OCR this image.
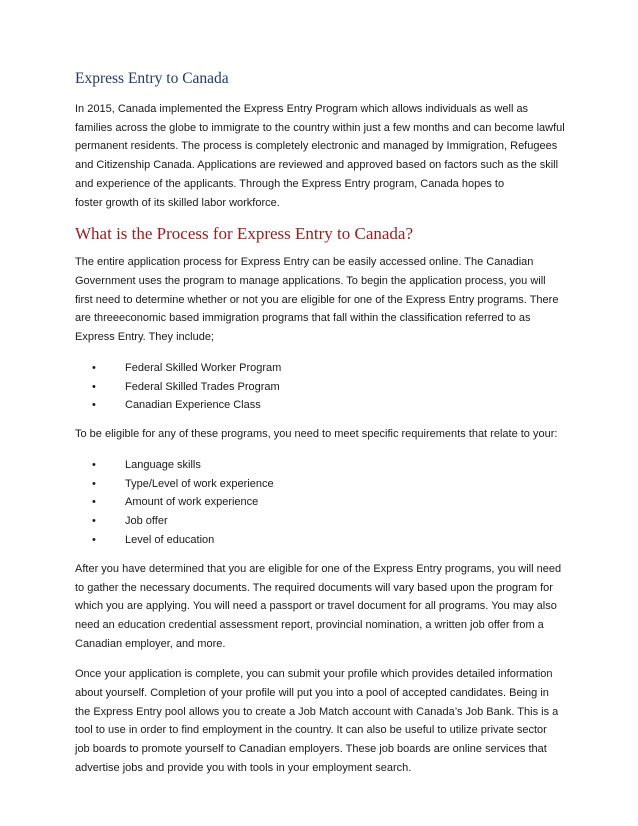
Express Entry to Canada

In 2015, Canada implemented the Express Entry Program which allows individuals as well as
families across the globe to immigrate to the country within just a few months and can become lawful
permanent residents. The process is completely electronic and managed by Immigration, Refugees
and Citizenship Canada. Applications are reviewed and approved based on factors such as the skill
and experience of the applicants. Through the Express Entry program, Canada hopes to
foster growth of its skilled labor workforce.

What is the Process for Express Entry to Canada?

The entire application process for Express Entry can be easily accessed online. The Canadian
Government uses the program to manage applications. To begin the application process, you will
first need to determine whether or not you are eligible for one of the Express Entry programs. There
are threeeconomic based immigration programs that fall within the classification referred to as
Express Entry. They include;

•	Federal Skilled Worker Program
•	Federal Skilled Trades Program
•	Canadian Experience Class

To be eligible for any of these programs, you need to meet specific requirements that relate to your:

•	Language skills
•	Type/Level of work experience
•	Amount of work experience
•	Job offer
•	Level of education

After you have determined that you are eligible for one of the Express Entry programs, you will need
to gather the necessary documents. The required documents will vary based upon the program for
which you are applying. You will need a passport or travel document for all programs. You may also
need an education credential assessment report, provincial nomination, a written job offer from a
Canadian employer, and more.

Once your application is complete, you can submit your profile which provides detailed information
about yourself. Completion of your profile will put you into a pool of accepted candidates. Being in
the Express Entry pool allows you to create a Job Match account with Canada’s Job Bank. This is a
tool to use in order to find employment in the country. It can also be useful to utilize private sector
job boards to promote yourself to Canadian employers. These job boards are online services that
advertise jobs and provide you with tools in your employment search.
